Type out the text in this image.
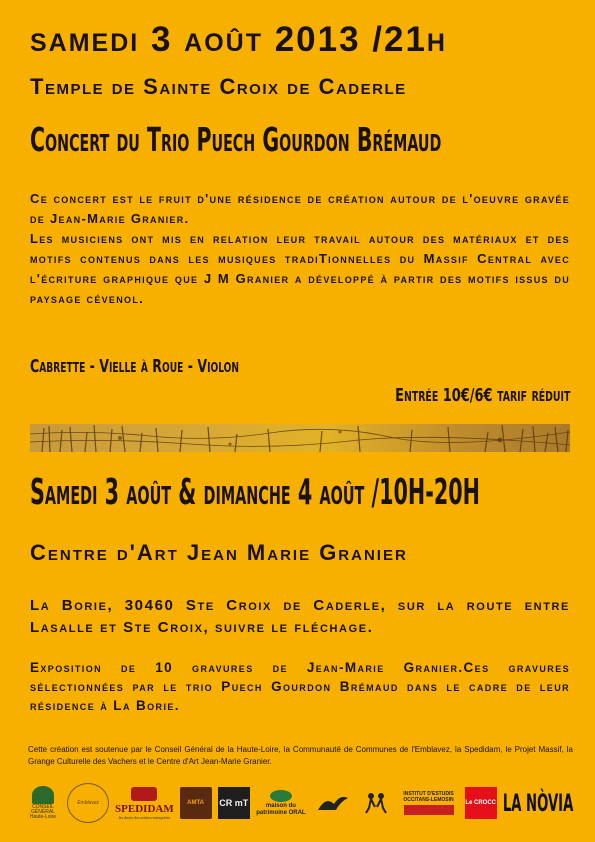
samedi 3 août 2013 /21h
Temple de Sainte Croix de Caderle
Concert du Trio Puech Gourdon Brémaud
Ce concert est le fruit d'une résidence de création autour de l'oeuvre gravée de Jean-Marie Granier.
Les musiciens ont mis en relation leur travail autour des matériaux et des motifs contenus dans les musiques tradiTionnelles du Massif Central avec l'écriture graphique que J M Granier a développé à partir des motifs issus du paysage cévenol.
Cabrette - Vielle à Roue - Violon
Entrée 10€/6€ tarif réduit
Samedi 3 août & dimanche 4 août /10H-20H
Centre d'Art Jean Marie Granier
La Borie, 30460 Ste Croix de Caderle, sur la route entre Lasalle et Ste Croix, suivre le fléchage.
Exposition de 10 gravures de Jean-Marie Granier.Ces gravures sélectionnées par le trio Puech Gourdon Brémaud dans le cadre de leur résidence à La Borie.
Cette création est soutenue par le Conseil Général de la Haute-Loire, la Communauté de Communes de l'Emblavez, la Spedidam, le Projet Massif, la Grange Culturelle des Vachers et le Centre d'Art Jean-Marie Granier.
CONSEIL GÉNÉRAL Haute-Loire
Emblavez SPEDIDAM
les droits des artistes-interprètes
AMTA CR mT	maison du patrimoine ORAL
INSTITUT D'ESTUDIS OCCITANS-LEMOSIN	Le CROCC LA NÒVIA
